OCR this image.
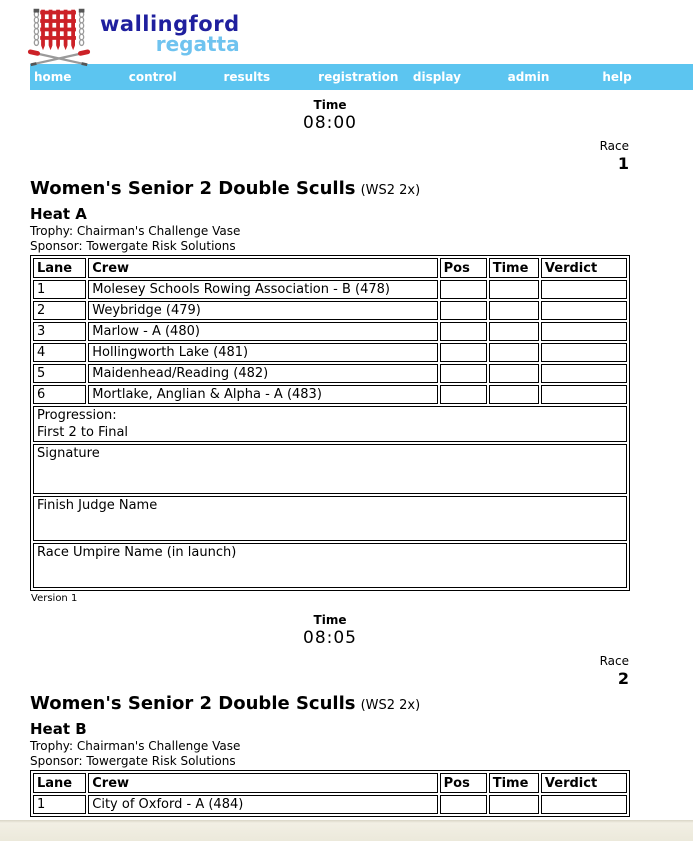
wallingford
regatta
home	control	results	registration	display	admin	help
Time
08:00
Race
1
Women's Senior 2 Double Sculls (WS2 2x)
Heat A
Trophy: Chairman's Challenge Vase
Sponsor: Towergate Risk Solutions
Lane	Crew	Pos	Time	Verdict
1	Molesey Schools Rowing Association - B (478)			
2	Weybridge (479)			
3	Marlow - A (480)			
4	Hollingworth Lake (481)			
5	Maidenhead/Reading (482)			
6	Mortlake, Anglian & Alpha - A (483)			

Progression:
First 2 to Final				

Signature				
Finish Judge Name				
Race Umpire Name (in launch)				
Version 1
Time
08:05
Race
2
Women's Senior 2 Double Sculls (WS2 2x)
Heat B
Trophy: Chairman's Challenge Vase
Sponsor: Towergate Risk Solutions
Lane	Crew	Pos	Time	Verdict
1	City of Oxford - A (484)			
